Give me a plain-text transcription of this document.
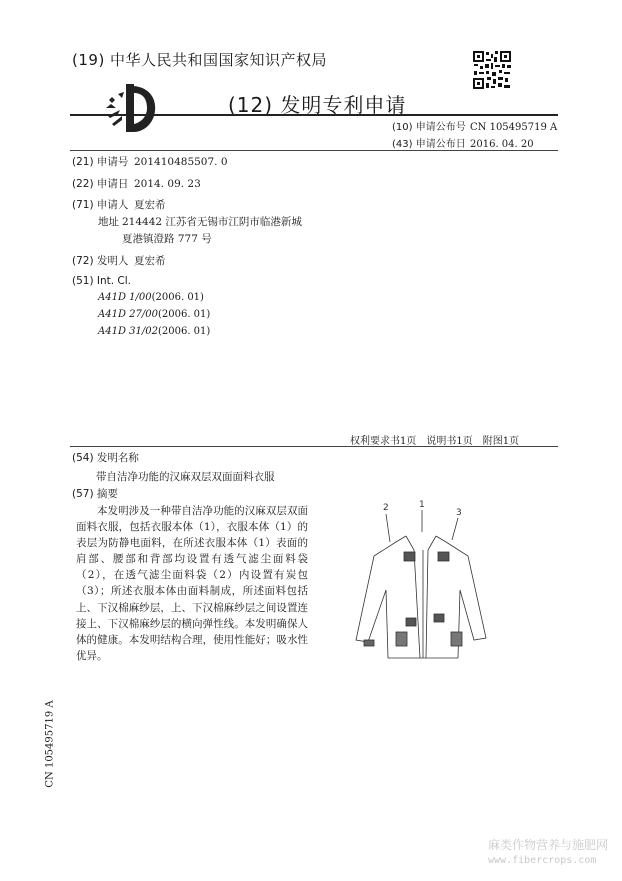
(19) 中华人民共和国国家知识产权局
(12) 发明专利申请
(10) 申请公布号 CN 105495719 A
(43) 申请公布日 2016. 04. 20
(21) 申请号 201410485507. 0
(22) 申请日 2014. 09. 23
(71) 申请人 夏宏希
地址 214442 江苏省无锡市江阴市临港新城
夏港镇澄路 777 号
(72) 发明人 夏宏希
(51) Int. Cl.
A41D 1/00(2006. 01)
A41D 27/00(2006. 01)
A41D 31/02(2006. 01)
权利要求书1页 说明书1页 附图1页
(54) 发明名称
带自洁净功能的汉麻双层双面面料衣服
(57) 摘要
本发明涉及一种带自洁净功能的汉麻双层双面面料衣服，包括衣服本体（1），衣服本体（1）的表层为防静电面料，在所述衣服本体（1）表面的肩部、腰部和背部均设置有透气滤尘面料袋（2），在透气滤尘面料袋（2）内设置有炭包（3）；所述衣服本体由面料制成，所述面料包括上、下汉棉麻纱层，上、下汉棉麻纱层之间设置连接上、下汉棉麻纱层的横向弹性线。本发明确保人体的健康。本发明结构合理，使用性能好；吸水性优异。
2	1
3
CN 105495719 A
麻类作物营养与施肥网
www.fibercrops.com
